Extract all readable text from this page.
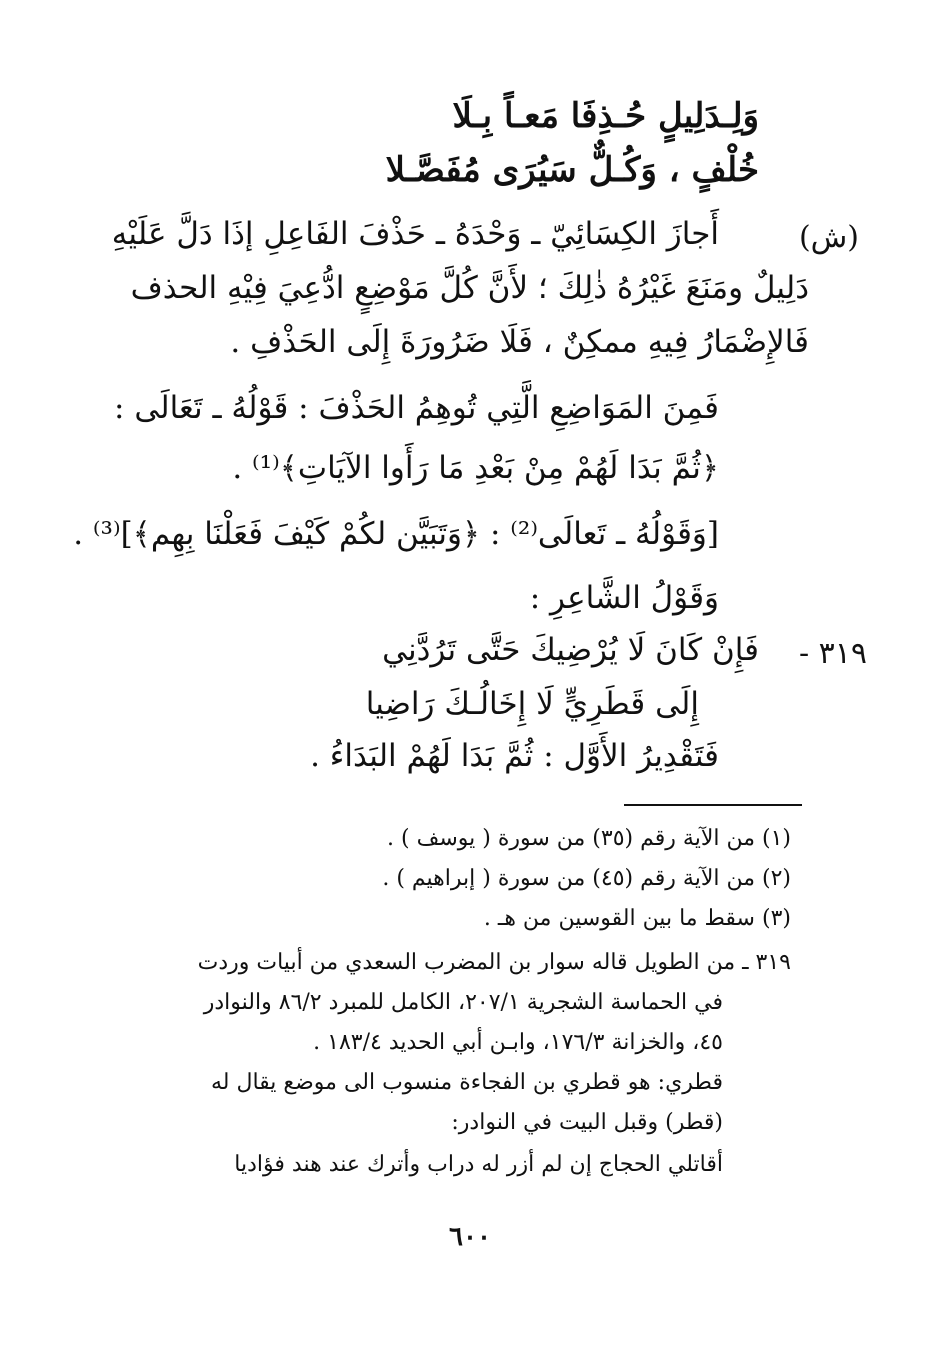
وَلِـدَلِيلٍ حُـذِفَا مَعـاً بِـلَا
خُلْفٍ ، وَكُـلٌّ سَيُرَى مُفَصَّـلا
(ش)
أَجازَ الكِسَائِيّ ـ وَحْدَهُ ـ حَذْفَ الفَاعِلِ إذَا دَلَّ عَلَيْهِ
دَلِيلٌ ومَنَعَ غَيْرُهُ ذٰلِكَ ؛ لأَنَّ كُلَّ مَوْضِعٍ ادُّعِيَ فِيْهِ الحذف
فَالإِضْمَارُ فِيهِ ممكِنٌ ، فَلَا ضَرُورَةَ إِلَى الحَذْفِ .
فَمِنَ المَوَاضِعِ الَّتِي تُوهِمُ الحَذْفَ : قَوْلُهُ ـ تَعَالَى :
﴿ثُمَّ بَدَا لَهُمْ مِنْ بَعْدِ مَا رَأَوا الآيَاتِ﴾⁽¹⁾ .
[وَقَوْلُهُ ـ تَعالَى⁽²⁾ : ﴿وَتَبَيَّن لكُمْ كَيْفَ فَعَلْنَا بِهِم﴾]⁽³⁾ .
وَقَوْلُ الشَّاعِرِ :
٣١٩ -
فَإِنْ كَانَ لَا يُرْضِيكَ حَتَّى تَرُدَّنِي
إِلَى قَطَرِيٍّ لَا إِخَالُـكَ رَاضِيا
فَتَقْدِيرُ الأَوَّل : ثُمَّ بَدَا لَهُمْ البَدَاءُ .
(١) من الآية رقم (٣٥) من سورة ( يوسف ) .
(٢) من الآية رقم (٤٥) من سورة ( إبراهيم ) .
(٣) سقط ما بين القوسين من هـ .
٣١٩ ـ من الطويل قاله سوار بن المضرب السعدي من أبيات وردت
في الحماسة الشجرية ٢٠٧/١، الكامل للمبرد ٨٦/٢ والنوادر
٤٥، والخزانة ١٧٦/٣، وابـن أبي الحديد ١٨٣/٤ .
قطري: هو قطري بن الفجاءة منسوب الى موضع يقال له
(قطر) وقبل البيت في النوادر:
أقاتلي الحجاج إن لم أزر له دراب وأترك عند هند فؤاديا
٦٠٠
